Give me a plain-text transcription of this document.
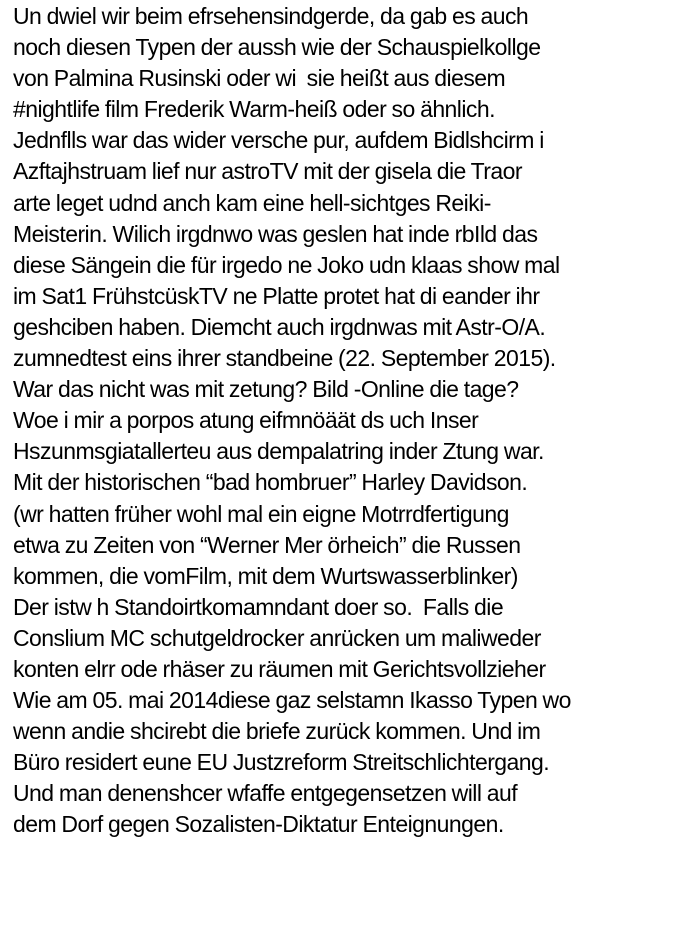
Un dwiel wir beim efrsehensindgerde, da gab es auch
noch diesen Typen der aussh wie der Schauspielkollge
von Palmina Rusinski oder wi  sie heißt aus diesem
#nightlife film Frederik Warm-heiß oder so ähnlich.
Jednflls war das wider versche pur, aufdem Bidlshcirm i
Azftajhstruam lief nur astroTV mit der gisela die Traor
arte leget udnd anch kam eine hell-sichtges Reiki-
Meisterin. Wilich irgdnwo was geslen hat inde rbIld das
diese Sängein die für irgedo ne Joko udn klaas show mal
im Sat1 FrühstcüskTV ne Platte protet hat di eander ihr
geshciben haben. Diemcht auch irgdnwas mit Astr-O/A.
zumnedtest eins ihrer standbeine (22. September 2015).
War das nicht was mit zetung? Bild -Online die tage?
Woe i mir a porpos atung eifmnöäät ds uch Inser
Hszunmsgiatallerteu aus dempalatring inder Ztung war.
Mit der historischen “bad hombruer” Harley Davidson.
(wr hatten früher wohl mal ein eigne Motrrdfertigung
etwa zu Zeiten von “Werner Mer örheich” die Russen
kommen, die vomFilm, mit dem Wurtswasserblinker)
Der istw h Standoirtkomamndant doer so.  Falls die
Conslium MC schutgeldrocker anrücken um maliweder
konten elrr ode rhäser zu räumen mit Gerichtsvollzieher
Wie am 05. mai 2014diese gaz selstamn Ikasso Typen wo
wenn andie shcirebt die briefe zurück kommen. Und im
Büro residert eune EU Justzreform Streitschlichtergang.
Und man denenshcer wfaffe entgegensetzen will auf
dem Dorf gegen Sozalisten-Diktatur Enteignungen.
